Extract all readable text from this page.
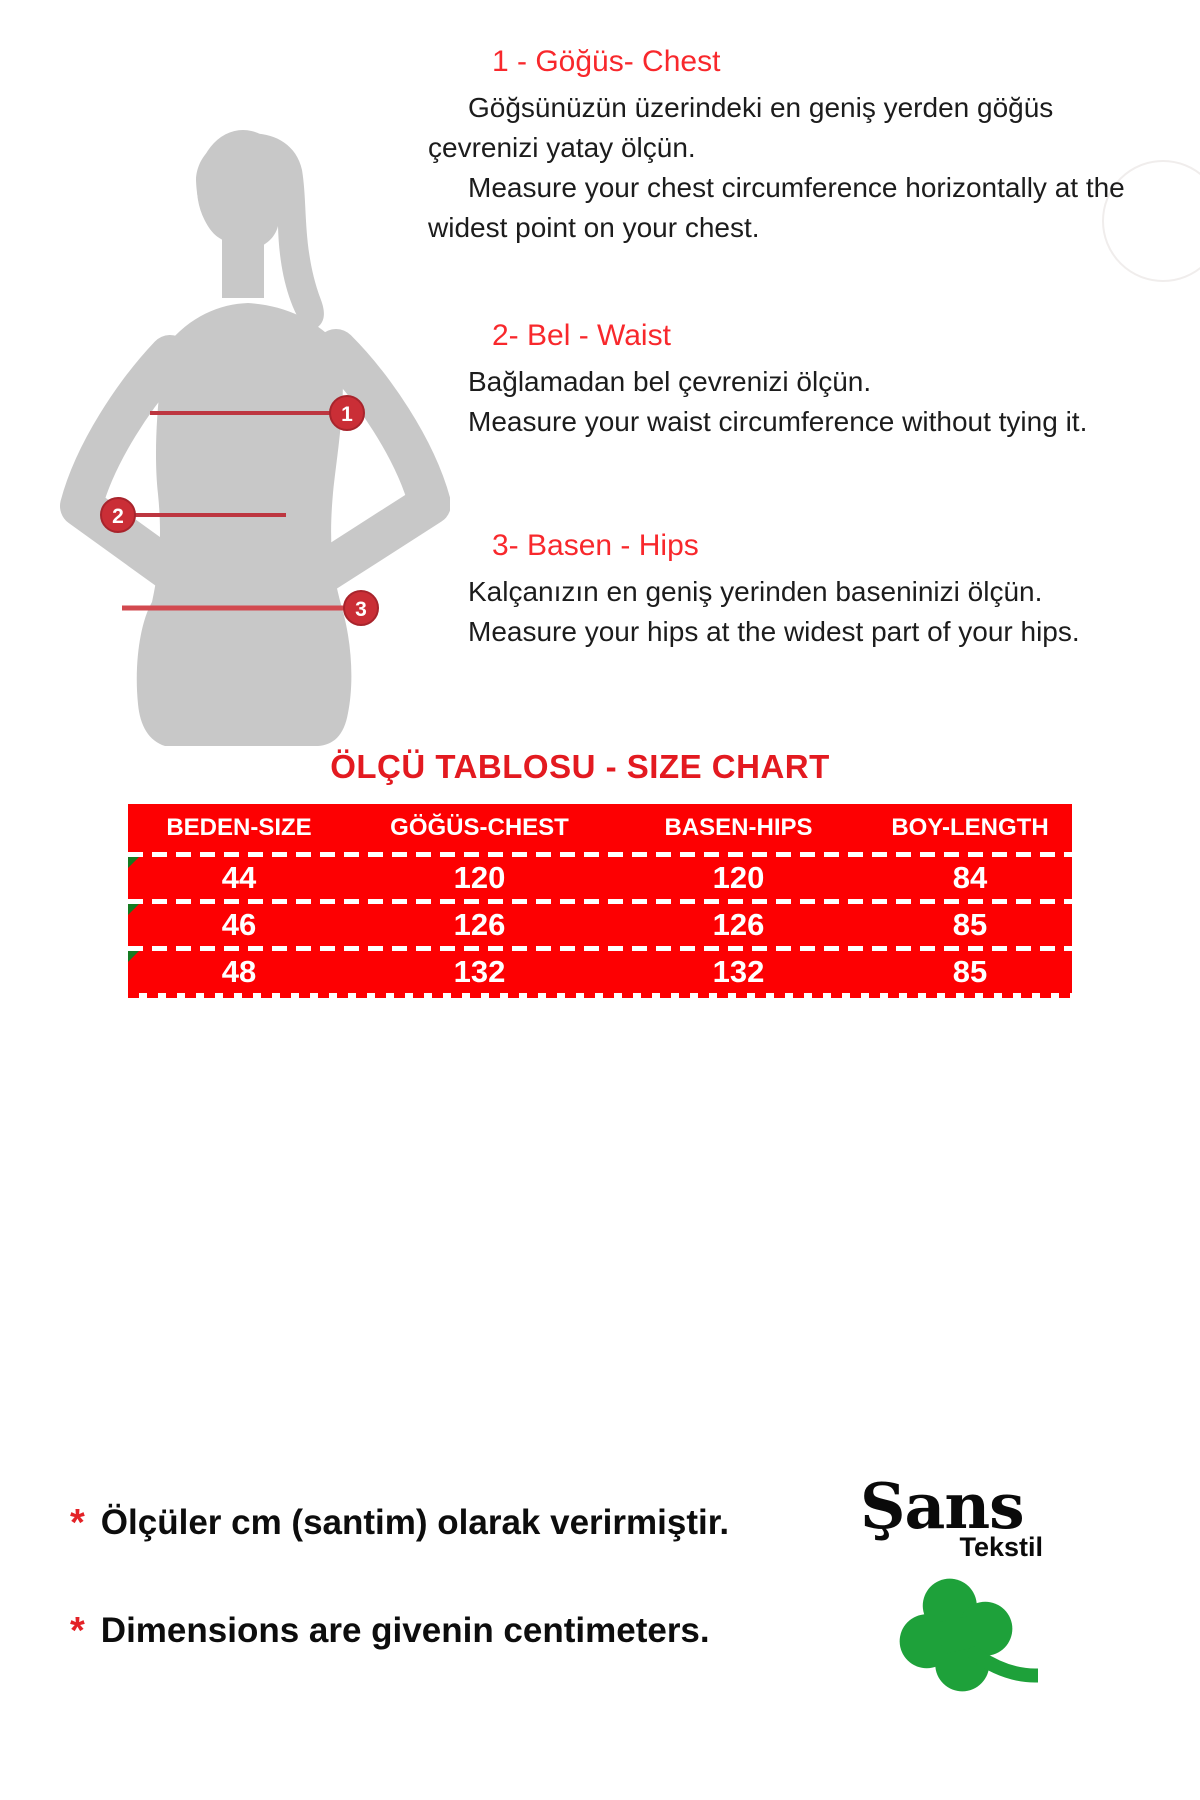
1
2
3
1 - Göğüs- Chest

Göğsünüzün üzerindeki en geniş yerden göğüs çevrenizi yatay ölçün.

Measure your chest circumference horizontally at the widest point on your chest.

2- Bel - Waist

Bağlamadan bel çevrenizi ölçün.

Measure your waist circumference without tying it.

3- Basen - Hips

Kalçanızın en geniş yerinden baseninizi ölçün.

Measure your hips at the widest part of your hips.

ÖLÇÜ TABLOSU - SIZE CHART
BEDEN-SIZE	GÖĞÜS-CHEST	BASEN-HIPS	BOY-LENGTH
44	120	120	84
46	126	126	85
48	132	132	85
* Ölçüler cm (santim) olarak verirmiştir.
* Dimensions are givenin centimeters.
Şans
Tekstil
